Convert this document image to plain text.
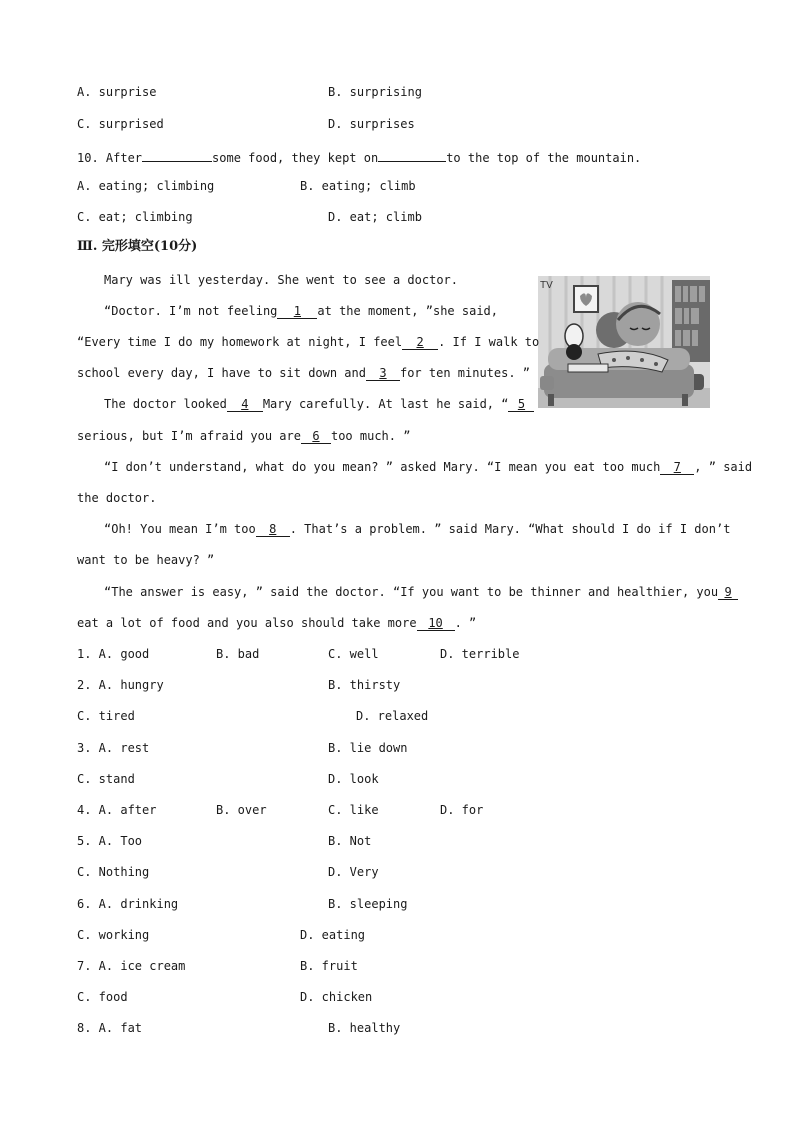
A. surprise	B. surprising
C. surprised	D. surprises
10. After	some food, they kept on	to the top of the mountain.
A. eating; climbing	B. eating; climb
C. eat; climbing	D. eat; climb
Ⅲ. 完形填空(10分)
TV
Mary was ill yesterday. She went to see a doctor.
“Doctor. I’m not feeling 1 at the moment, ”she said,
“Every time I do my homework at night, I feel 2 . If I walk to
school every day, I have to sit down and 3 for ten minutes. ”
The doctor looked 4 Mary carefully. At last he said, “ 5
serious, but I’m afraid you are 6 too much. ”
“I don’t understand, what do you mean? ” asked Mary. “I mean you eat too much 7 , ” said
the doctor.
“Oh! You mean I’m too 8 . That’s a problem. ” said Mary. “What should I do if I don’t
want to be heavy? ”
“The answer is easy, ” said the doctor. “If you want to be thinner and healthier, you 9
eat a lot of food and you also should take more 10 . ”
1. A. good	B. bad	C. well	D. terrible
2. A. hungry	B. thirsty
C. tired	D. relaxed
3. A. rest	B. lie down
C. stand	D. look
4. A. after	B. over	C. like	D. for
5. A. Too	B. Not
C. Nothing	D. Very
6. A. drinking	B. sleeping
C. working	D. eating
7. A. ice cream	B. fruit
C. food	D. chicken
8. A. fat	B. healthy
